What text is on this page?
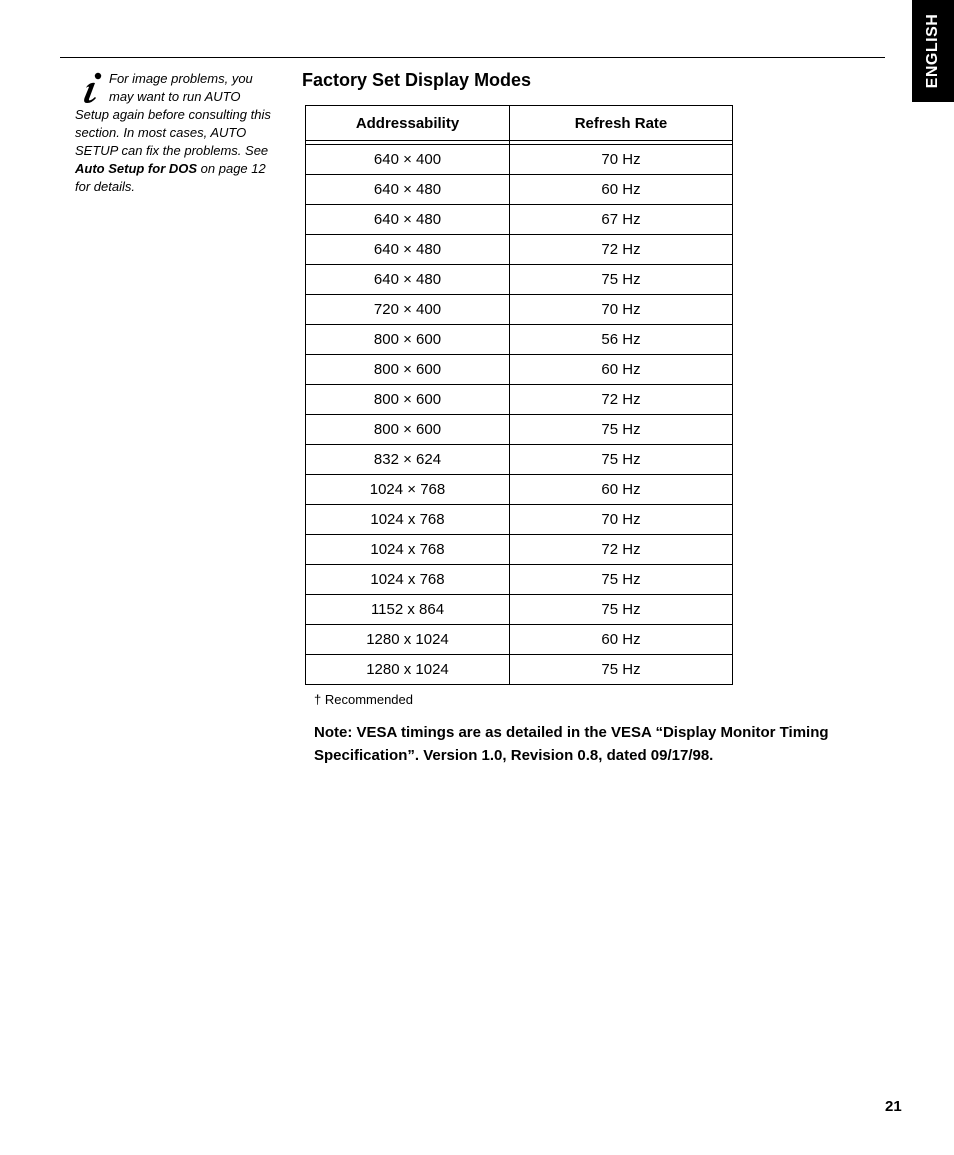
ENGLISH
For image problems, you
may want to run AUTO
Setup again before consulting this
section. In most cases, AUTO
SETUP can fix the problems. See
Auto Setup for DOS on page 12
for details.
Factory Set Display Modes
Addressability	Refresh Rate

640 × 400	70 Hz
640 × 480	60 Hz
640 × 480	67 Hz
640 × 480	72 Hz
640 × 480	75 Hz
720 × 400	70 Hz
800 × 600	56 Hz
800 × 600	60 Hz
800 × 600	72 Hz
800 × 600	75 Hz
832 × 624	75 Hz
1024 × 768	60 Hz
1024 x 768	70 Hz
1024 x 768	72 Hz
1024 x 768	75 Hz
1152 x 864	75 Hz
1280 x 1024	60 Hz
1280 x 1024	75 Hz
† Recommended

Note: VESA timings are as detailed in the VESA “Display Monitor Timing Specification”. Version 1.0, Revision 0.8, dated 09/17/98.

21
